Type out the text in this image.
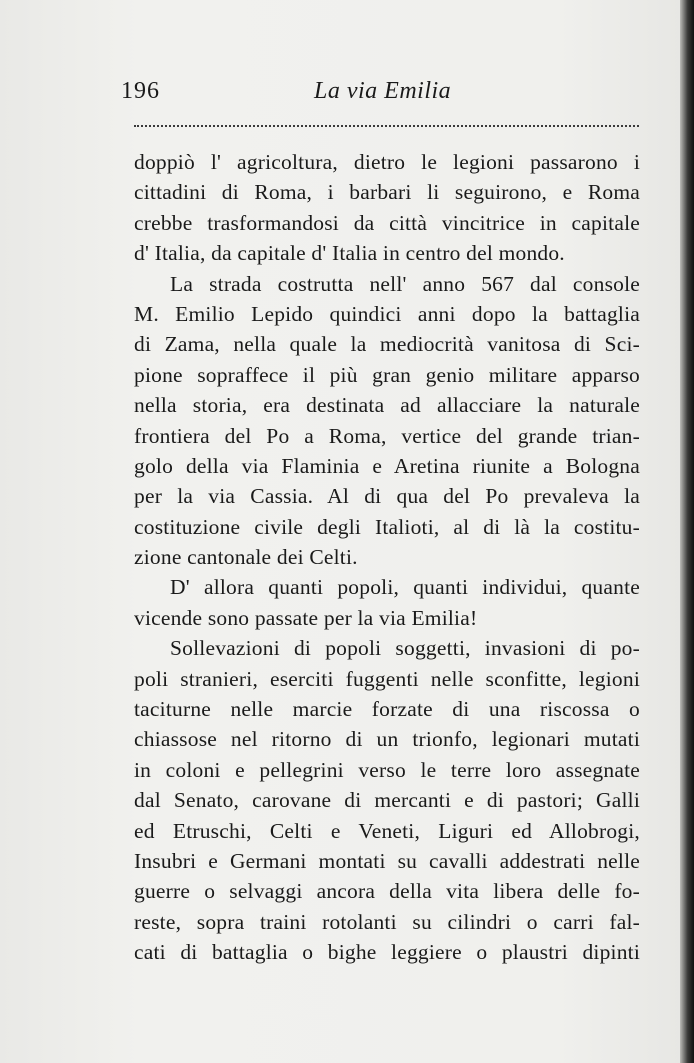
196	La via Emilia
doppiò l' agricoltura, dietro le legioni passarono i
cittadini di Roma, i barbari li seguirono, e Roma
crebbe trasformandosi da città vincitrice in capitale
d' Italia, da capitale d' Italia in centro del mondo.
La strada costrutta nell' anno 567 dal console
M. Emilio Lepido quindici anni dopo la battaglia
di Zama, nella quale la mediocrità vanitosa di Sci-
pione sopraffece il più gran genio militare apparso
nella storia, era destinata ad allacciare la naturale
frontiera del Po a Roma, vertice del grande trian-
golo della via Flaminia e Aretina riunite a Bologna
per la via Cassia. Al di qua del Po prevaleva la
costituzione civile degli Italioti, al di là la costitu-
zione cantonale dei Celti.
D' allora quanti popoli, quanti individui, quante
vicende sono passate per la via Emilia!
Sollevazioni di popoli soggetti, invasioni di po-
poli stranieri, eserciti fuggenti nelle sconfitte, legioni
taciturne nelle marcie forzate di una riscossa o
chiassose nel ritorno di un trionfo, legionari mutati
in coloni e pellegrini verso le terre loro assegnate
dal Senato, carovane di mercanti e di pastori; Galli
ed Etruschi, Celti e Veneti, Liguri ed Allobrogi,
Insubri e Germani montati su cavalli addestrati nelle
guerre o selvaggi ancora della vita libera delle fo-
reste, sopra traini rotolanti su cilindri o carri fal-
cati di battaglia o bighe leggiere o plaustri dipinti
